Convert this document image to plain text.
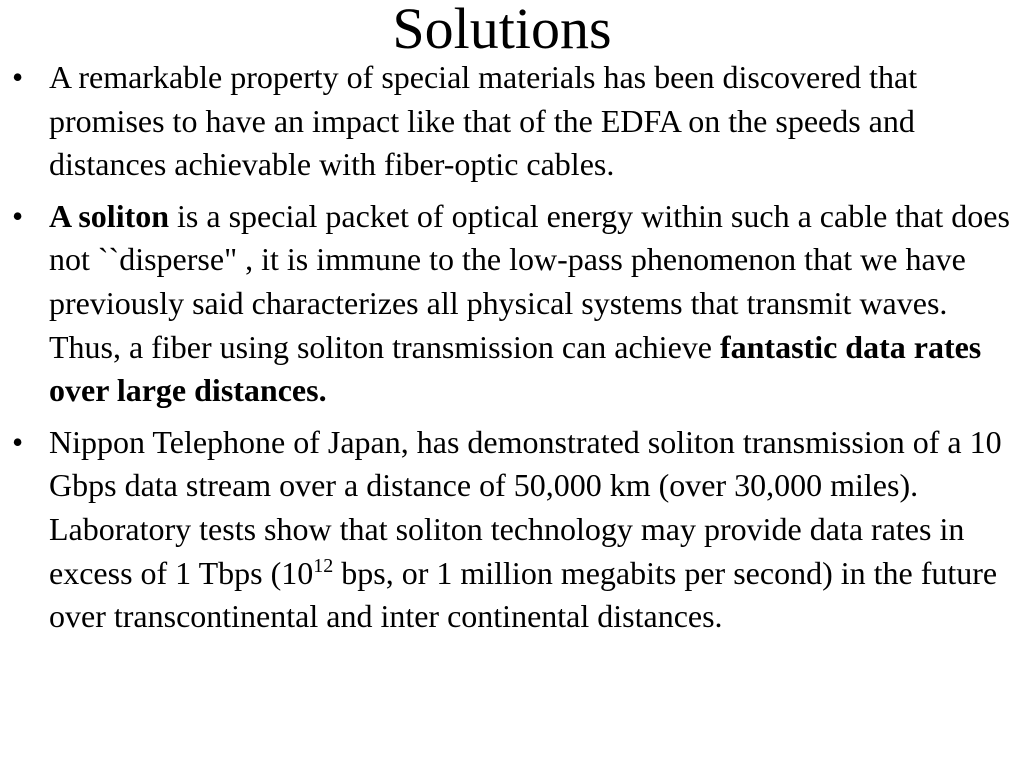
Solutions
• A remarkable property of special materials has been discovered that promises to have an impact like that of the EDFA on the speeds and distances achievable with fiber-optic cables.
• A soliton is a special packet of optical energy within such a cable that does not ``disperse" , it is immune to the low-pass phenomenon that we have previously said characterizes all physical systems that transmit waves. Thus, a fiber using soliton transmission can achieve fantastic data rates over large distances.
• Nippon Telephone of Japan, has demonstrated soliton transmission of a 10 Gbps data stream over a distance of 50,000 km (over 30,000 miles). Laboratory tests show that soliton technology may provide data rates in excess of 1 Tbps ($10^{12}$ bps, or 1 million megabits per second) in the future over transcontinental and inter continental distances.
